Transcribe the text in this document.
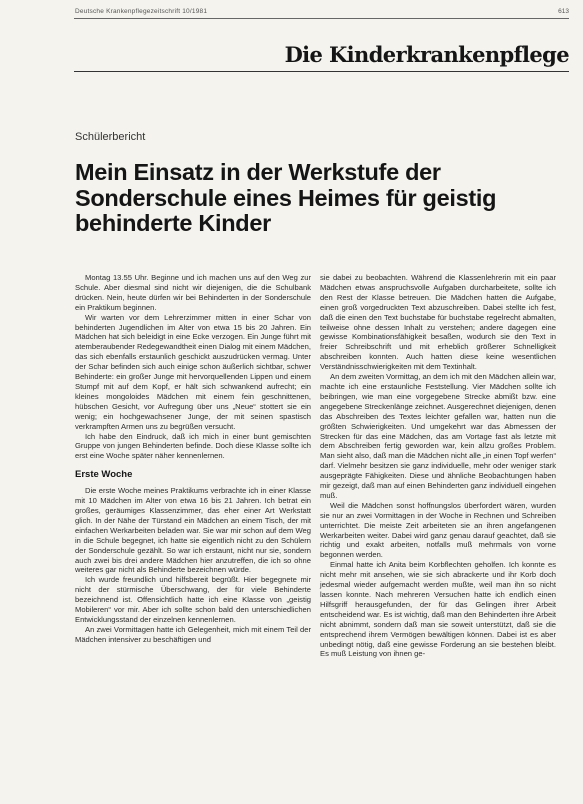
Deutsche Krankenpflegezeitschrift 10/1981	613
Die Kinderkrankenpflege
Schülerbericht
Mein Einsatz in der Werkstufe der Sonderschule eines Heimes für geistig behinderte Kinder

Montag 13.55 Uhr. Beginne und ich machen uns auf den Weg zur Schule. Aber diesmal sind nicht wir diejenigen, die die Schulbank drücken. Nein, heute dürfen wir bei Behinderten in der Sonderschule ein Praktikum beginnen.

Wir warten vor dem Lehrerzimmer mitten in einer Schar von behinderten Jugendlichen im Alter von etwa 15 bis 20 Jahren. Ein Mädchen hat sich beleidigt in eine Ecke verzogen. Ein Junge führt mit atemberaubender Redegewandtheit einen Dialog mit einem Mädchen, das sich ebenfalls erstaunlich geschickt auszudrücken vermag. Unter der Schar befinden sich auch einige schon äußerlich sichtbar, schwer Behinderte: ein großer Junge mit hervorquellenden Lippen und einem Stumpf mit auf dem Kopf, er hält sich schwankend aufrecht; ein kleines mongoloides Mädchen mit einem fein geschnittenen, hübschen Gesicht, vor Aufregung über uns „Neue“ stottert sie ein wenig; ein hochgewachsener Junge, der mit seinen spastisch verkrampften Armen uns zu begrüßen versucht.

Ich habe den Eindruck, daß ich mich in einer bunt gemischten Gruppe von jungen Behinderten befinde. Doch diese Klasse sollte ich erst eine Woche später näher kennenlernen.

Erste Woche

Die erste Woche meines Praktikums verbrachte ich in einer Klasse mit 10 Mädchen im Alter von etwa 16 bis 21 Jahren. Ich betrat ein großes, geräumiges Klassenzimmer, das eher einer Art Werkstatt glich. In der Nähe der Türstand ein Mädchen an einem Tisch, der mit einfachen Werkarbeiten beladen war. Sie war mir schon auf dem Weg in die Schule begegnet, ich hatte sie eigentlich nicht zu den Schülern der Sonderschule gezählt. So war ich erstaunt, nicht nur sie, sondern auch zwei bis drei andere Mädchen hier anzutreffen, die ich so ohne weiteres gar nicht als Behinderte bezeichnen würde.

Ich wurde freundlich und hilfsbereit begrüßt. Hier begegnete mir nicht der stürmische Überschwang, der für viele Behinderte bezeichnend ist. Offensichtlich hatte ich eine Klasse von „geistig Mobileren“ vor mir. Aber ich sollte schon bald den unterschiedlichen Entwicklungsstand der einzelnen kennenlernen.

An zwei Vormittagen hatte ich Gelegenheit, mich mit einem Teil der Mädchen intensiver zu beschäftigen und

sie dabei zu beobachten. Während die Klassenlehrerin mit ein paar Mädchen etwas anspruchsvolle Aufgaben durcharbeitete, sollte ich den Rest der Klasse betreuen. Die Mädchen hatten die Aufgabe, einen groß vorgedruckten Text abzuschreiben. Dabei stellte ich fest, daß die einen den Text buchstabe für buchstabe regelrecht abmalten, teilweise ohne dessen Inhalt zu verstehen; andere dagegen eine gewisse Kombinationsfähigkeit besaßen, wodurch sie den Text in freier Schreibschrift und mit erheblich größerer Schnelligkeit abschreiben konnten. Auch hatten diese keine wesentlichen Verständnisschwierigkeiten mit dem Textinhalt.

An dem zweiten Vormittag, an dem ich mit den Mädchen allein war, machte ich eine erstaunliche Feststellung. Vier Mädchen sollte ich beibringen, wie man eine vorgegebene Strecke abmißt bzw. eine angegebene Streckenlänge zeichnet. Ausgerechnet diejenigen, denen das Abschreiben des Textes leichter gefallen war, hatten nun die größten Schwierigkeiten. Und umgekehrt war das Abmessen der Strecken für das eine Mädchen, das am Vortage fast als letzte mit dem Abschreiben fertig geworden war, kein allzu großes Problem. Man sieht also, daß man die Mädchen nicht alle „in einen Topf werfen“ darf. Vielmehr besitzen sie ganz individuelle, mehr oder weniger stark ausgeprägte Fähigkeiten. Diese und ähnliche Beobachtungen haben mir gezeigt, daß man auf einen Behinderten ganz individuell eingehen muß.

Weil die Mädchen sonst hoffnungslos überfordert wären, wurden sie nur an zwei Vormittagen in der Woche in Rechnen und Schreiben unterrichtet. Die meiste Zeit arbeiteten sie an ihren angefangenen Werkarbeiten weiter. Dabei wird ganz genau darauf geachtet, daß sie richtig und exakt arbeiten, notfalls muß mehrmals von vorne begonnen werden.

Einmal hatte ich Anita beim Korbflechten geholfen. Ich konnte es nicht mehr mit ansehen, wie sie sich abrackerte und ihr Korb doch jedesmal wieder aufgemacht werden mußte, weil man ihn so nicht lassen konnte. Nach mehreren Versuchen hatte ich endlich einen Hilfsgriff herausgefunden, der für das Gelingen ihrer Arbeit entscheidend war. Es ist wichtig, daß man den Behinderten ihre Arbeit nicht abnimmt, sondern daß man sie soweit unterstützt, daß sie die entsprechend ihrem Vermögen bewältigen können. Dabei ist es aber unbedingt nötig, daß eine gewisse Forderung an sie bestehen bleibt. Es muß Leistung von ihnen ge-
